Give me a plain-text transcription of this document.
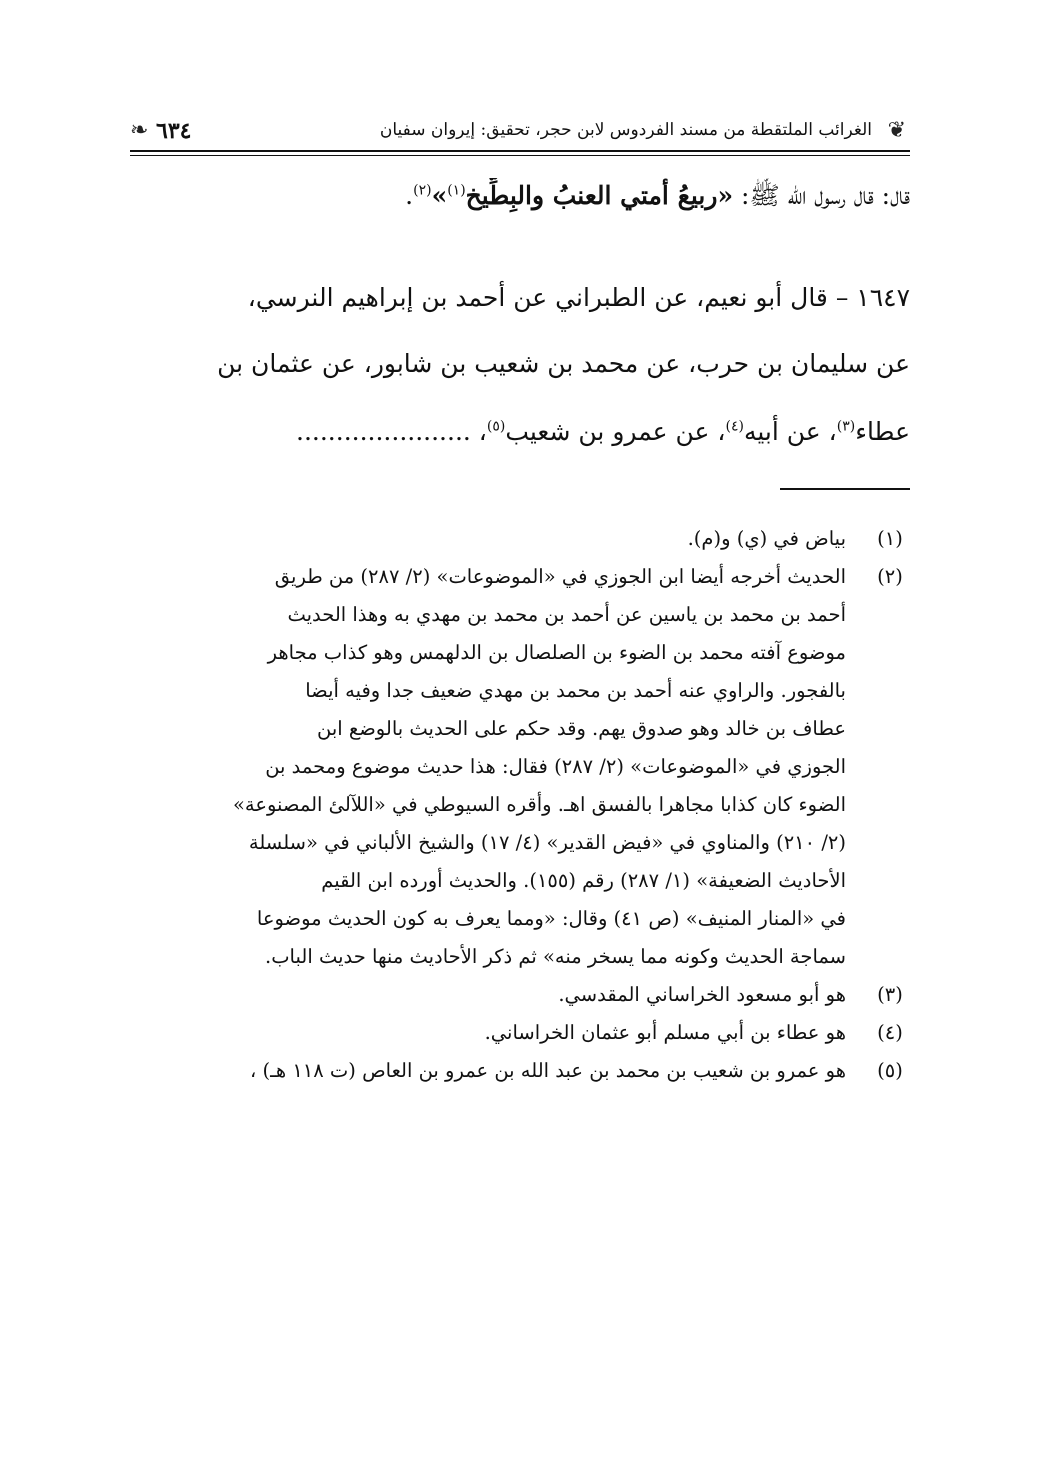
❦
الغرائب الملتقطة من مسند الفردوس لابن حجر، تحقيق: إيروان سفيان
٦٣٤
❧
قال: قال رسول الله ﷺ: «ربيعُ أمتي العنبُ والبِطِّيخ$^{(١)}$»$^{(٢)}$.
١٦٤٧ – قال أبو نعيم، عن الطبراني عن أحمد بن إبراهيم النرسي،
عن سليمان بن حرب، عن محمد بن شعيب بن شابور، عن عثمان بن
عطاء$^{(٣)}$، عن أبيه$^{(٤)}$، عن عمرو بن شعيب$^{(٥)}$، ......................
(١)
بياض في (ي) و(م).
(٢)
الحديث أخرجه أيضا ابن الجوزي في «الموضوعات» (٢/ ٢٨٧) من طريق
أحمد بن محمد بن ياسين عن أحمد بن محمد بن مهدي به وهذا الحديث
موضوع آفته محمد بن الضوء بن الصلصال بن الدلهمس وهو كذاب مجاهر
بالفجور. والراوي عنه أحمد بن محمد بن مهدي ضعيف جدا وفيه أيضا
عطاف بن خالد وهو صدوق يهم. وقد حكم على الحديث بالوضع ابن
الجوزي في «الموضوعات» (٢/ ٢٨٧) فقال: هذا حديث موضوع ومحمد بن
الضوء كان كذابا مجاهرا بالفسق اهـ. وأقره السيوطي في «اللآلئ المصنوعة»
(٢/ ٢١٠) والمناوي في «فيض القدير» (٤/ ١٧) والشيخ الألباني في «سلسلة
الأحاديث الضعيفة» (١/ ٢٨٧) رقم (١٥٥). والحديث أورده ابن القيم
في «المنار المنيف» (ص ٤١) وقال: «ومما يعرف به كون الحديث موضوعا
سماجة الحديث وكونه مما يسخر منه» ثم ذكر الأحاديث منها حديث الباب.
(٣)
هو أبو مسعود الخراساني المقدسي.
(٤)
هو عطاء بن أبي مسلم أبو عثمان الخراساني.
(٥)
هو عمرو بن شعيب بن محمد بن عبد الله بن عمرو بن العاص (ت ١١٨ هـ) ،
